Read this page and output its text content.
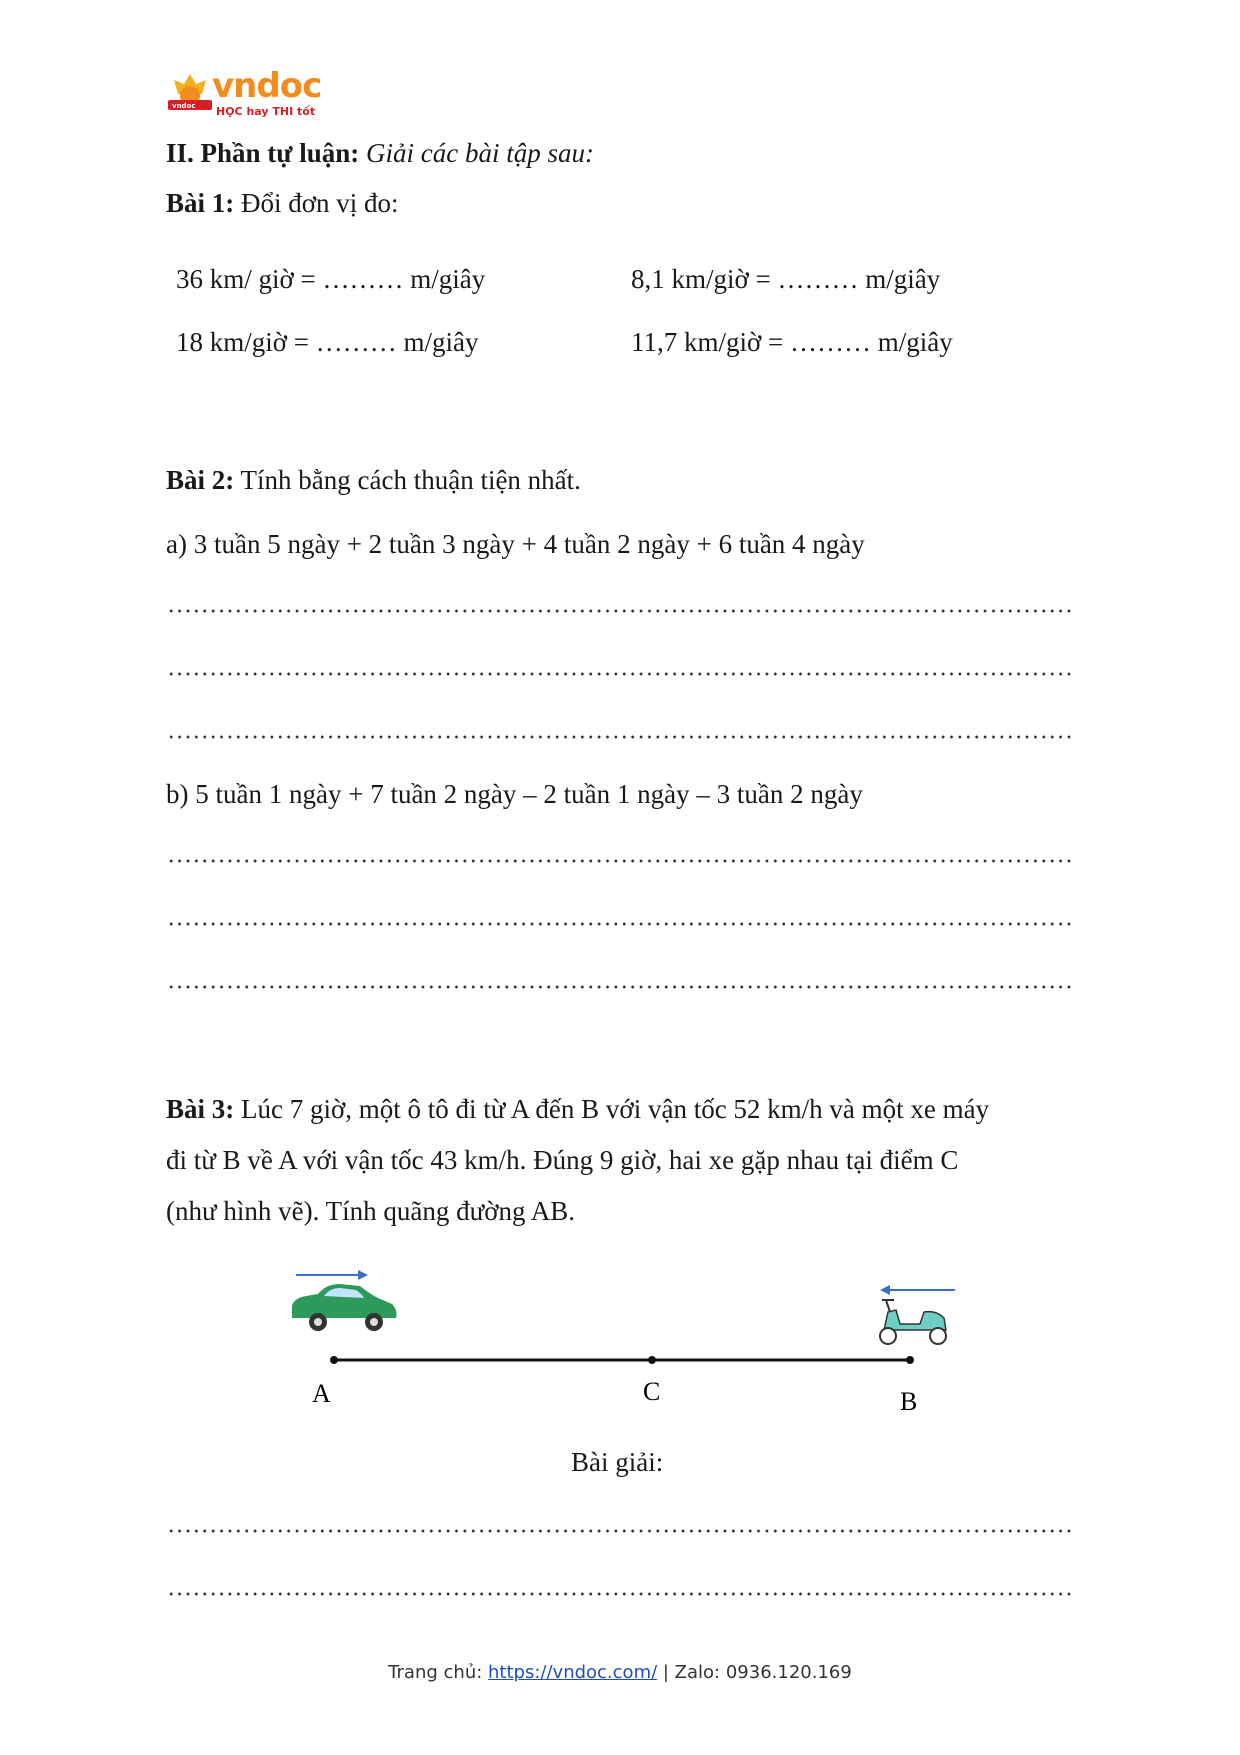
vndoc vndoc
HỌC hay THI tốt
II. Phần tự luận: Giải các bài tập sau:
Bài 1: Đổi đơn vị đo:
36 km/ giờ = ……… m/giây	8,1 km/giờ = ……… m/giây
18 km/giờ = ……… m/giây	11,7 km/giờ = ……… m/giây
Bài 2: Tính bằng cách thuận tiện nhất.
a) 3 tuần 5 ngày + 2 tuần 3 ngày + 4 tuần 2 ngày + 6 tuần 4 ngày
b) 5 tuần 1 ngày + 7 tuần 2 ngày – 2 tuần 1 ngày – 3 tuần 2 ngày
Bài 3: Lúc 7 giờ, một ô tô đi từ A đến B với vận tốc 52 km/h và một xe máy
đi từ B về A với vận tốc 43 km/h. Đúng 9 giờ, hai xe gặp nhau tại điểm C
(như hình vẽ). Tính quãng đường AB.
A	C	B
Bài giải:
Trang chủ: https://vndoc.com/ | Zalo: 0936.120.169
